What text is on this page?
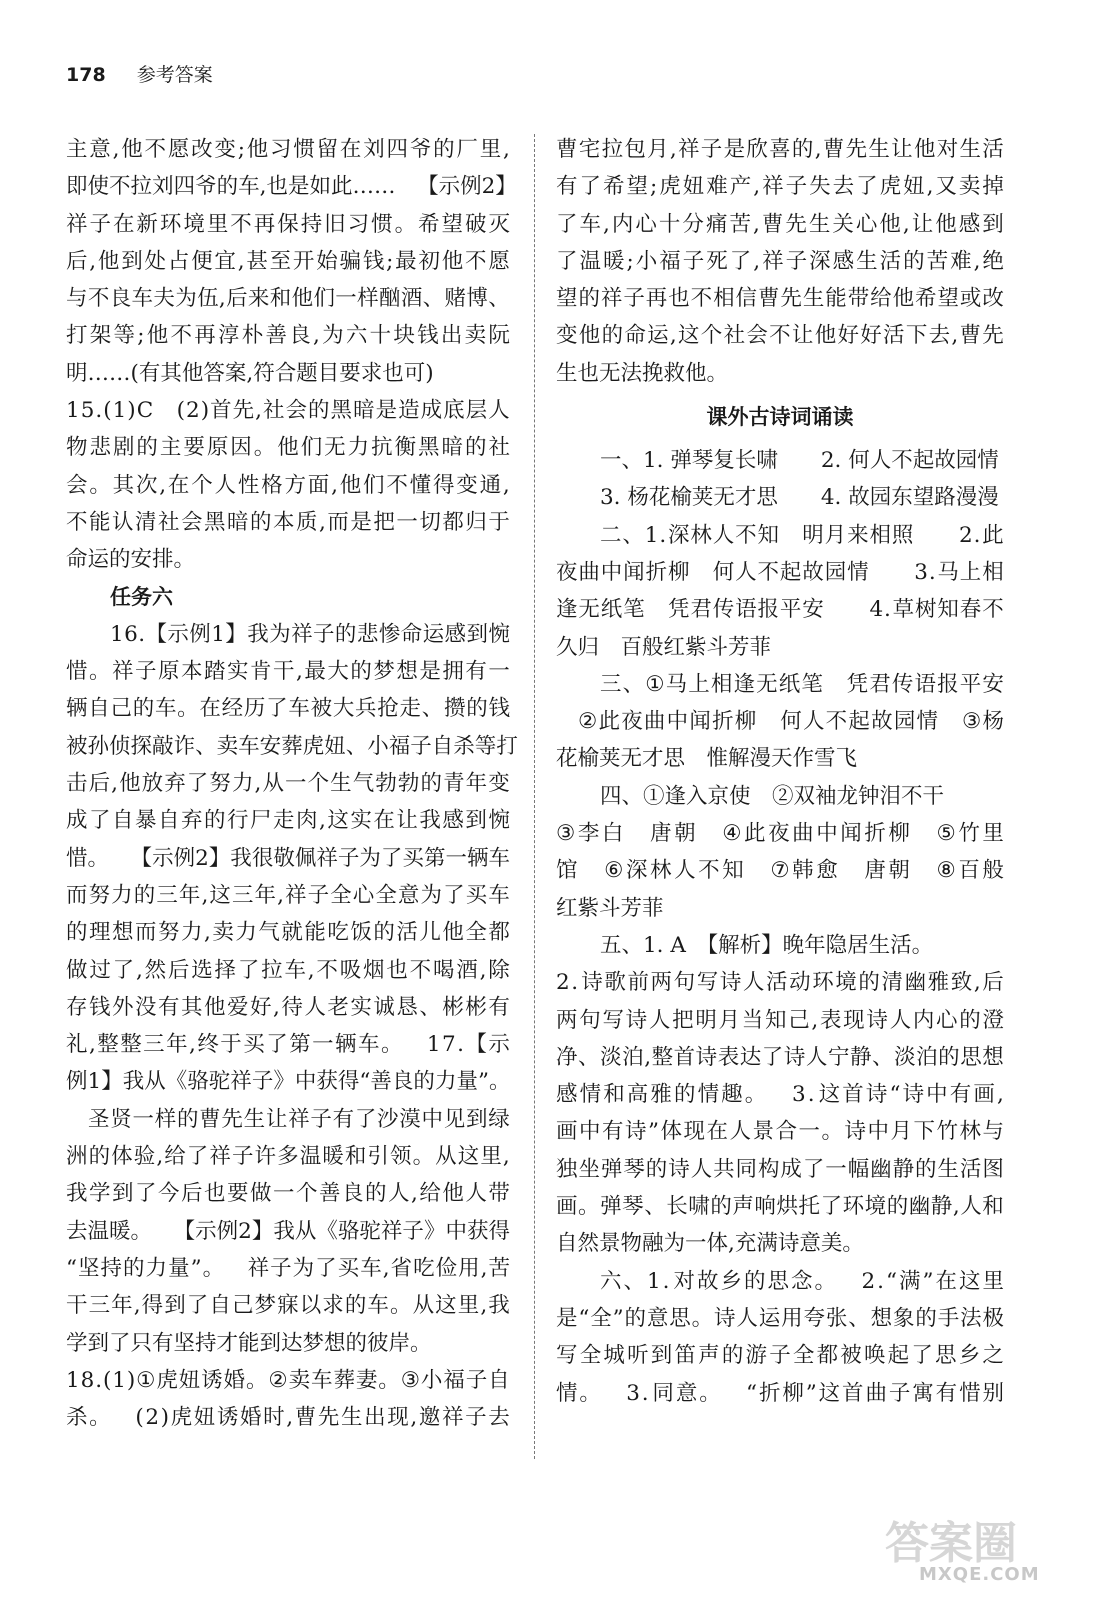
178 参考答案
主 意 , 他 不 愿 改 变 ; 他 习 惯 留 在 刘 四 爷 的 厂 里 ,
即 使 不 拉 刘 四 爷 的 车 , 也 是 如 此 … …
　 【 示 例 2 】
祥 子 在 新 环 境 里 不 再 保 持 旧 习 惯 。 希 望 破 灭
后 , 他 到 处 占 便 宜 , 甚 至 开 始 骗 钱 ; 最 初 他 不 愿
与 不 良 车 夫 为 伍 , 后 来 和 他 们 一 样 酗 酒 、 赌 博 、
打 架 等 ; 他 不 再 淳 朴 善 良 , 为 六 十 块 钱 出 卖 阮
明……(有其他答案,符合题目要求也可)
1 5 . ( 1 ) C
　 ( 2 ) 首 先 , 社 会 的 黑 暗 是 造 成 底 层 人
物 悲 剧 的 主 要 原 因 。 他 们 无 力 抗 衡 黑 暗 的 社
会 。 其 次 , 在 个 人 性 格 方 面 , 他 们 不 懂 得 变 通 ,
不 能 认 清 社 会 黑 暗 的 本 质 , 而 是 把 一 切 都 归 于
命运的安排。
任务六
1 6 . 【 示 例 1 】 我 为 祥 子 的 悲 惨 命 运 感 到 惋
惜 。 祥 子 原 本 踏 实 肯 干 , 最 大 的 梦 想 是 拥 有 一
辆 自 己 的 车 。 在 经 历 了 车 被 大 兵 抢 走 、 攒 的 钱
被 孙 侦 探 敲 诈 、 卖 车 安 葬 虎 妞 、 小 福 子 自 杀 等 打
击 后 , 他 放 弃 了 努 力 , 从 一 个 生 气 勃 勃 的 青 年 变
成 了 自 暴 自 弃 的 行 尸 走 肉 , 这 实 在 让 我 感 到 惋
惜 。
　 【 示 例 2 】 我 很 敬 佩 祥 子 为 了 买 第 一 辆 车
而 努 力 的 三 年 , 这 三 年 , 祥 子 全 心 全 意 为 了 买 车
的 理 想 而 努 力 , 卖 力 气 就 能 吃 饭 的 活 儿 他 全 都
做 过 了 , 然 后 选 择 了 拉 车 , 不 吸 烟 也 不 喝 酒 , 除
存 钱 外 没 有 其 他 爱 好 , 待 人 老 实 诚 恳 、 彬 彬 有
礼 , 整 整 三 年 , 终 于 买 了 第 一 辆 车 。
　 1 7 . 【 示
例 1 】 我 从 《 骆 驼 祥 子 》 中 获 得 “ 善 良 的 力 量 ” 。
圣 贤 一 样 的 曹 先 生 让 祥 子 有 了 沙 漠 中 见 到 绿
洲 的 体 验 , 给 了 祥 子 许 多 温 暖 和 引 领 。 从 这 里 ,
我 学 到 了 今 后 也 要 做 一 个 善 良 的 人 , 给 他 人 带
去 温 暖 。
　 【 示 例 2 】 我 从 《 骆 驼 祥 子 》 中 获 得
“ 坚 持 的 力 量 ” 。
　 祥 子 为 了 买 车 , 省 吃 俭 用 , 苦
干 三 年 , 得 到 了 自 己 梦 寐 以 求 的 车 。 从 这 里 , 我
学到了只有坚持才能到达梦想的彼岸。
1 8 . ( 1 ) ① 虎 妞 诱 婚 。 ② 卖 车 葬 妻 。 ③ 小 福 子 自
杀 。
　 ( 2 ) 虎 妞 诱 婚 时 , 曹 先 生 出 现 , 邀 祥 子 去
曹 宅 拉 包 月 , 祥 子 是 欣 喜 的 , 曹 先 生 让 他 对 生 活
有 了 希 望 ; 虎 妞 难 产 , 祥 子 失 去 了 虎 妞 , 又 卖 掉
了 车 , 内 心 十 分 痛 苦 , 曹 先 生 关 心 他 , 让 他 感 到
了 温 暖 ; 小 福 子 死 了 , 祥 子 深 感 生 活 的 苦 难 , 绝
望 的 祥 子 再 也 不 相 信 曹 先 生 能 带 给 他 希 望 或 改
变 他 的 命 运 , 这 个 社 会 不 让 他 好 好 活 下 去 , 曹 先
生也无法挽救他。
课外古诗词诵读
一、1. 弹琴复长啸　　2. 何人不起故园情
3. 杨花榆荚无才思　　4. 故园东望路漫漫
二 、 1 . 深 林 人 不 知
　 明 月 来 相 照

　 2 . 此
夜 曲 中 闻 折 柳
　 何 人 不 起 故 园 情

　 3 . 马 上 相
逢 无 纸 笔
　 凭 君 传 语 报 平 安

　 4 . 草 树 知 春 不
久归　百般红紫斗芳菲
三 、 ① 马 上 相 逢 无 纸 笔
　 凭 君 传 语 报 平 安
② 此 夜 曲 中 闻 折 柳
　 何 人 不 起 故 园 情
　 ③ 杨
花榆荚无才思　惟解漫天作雪飞
四、①逢入京使　②双袖龙钟泪不干
③ 李 白
　 唐 朝
　 ④ 此 夜 曲 中 闻 折 柳
　 ⑤ 竹 里
馆
　 ⑥ 深 林 人 不 知
　 ⑦ 韩 愈
　 唐 朝
　 ⑧ 百 般
红紫斗芳菲
五、1. A　【解析】晚年隐居生活。
2 . 诗 歌 前 两 句 写 诗 人 活 动 环 境 的 清 幽 雅 致 , 后
两 句 写 诗 人 把 明 月 当 知 己 , 表 现 诗 人 内 心 的 澄
净 、 淡 泊 , 整 首 诗 表 达 了 诗 人 宁 静 、 淡 泊 的 思 想
感 情 和 高 雅 的 情 趣 。
　 3 . 这 首 诗 “ 诗 中 有 画 ,
画 中 有 诗 ” 体 现 在 人 景 合 一 。 诗 中 月 下 竹 林 与
独 坐 弹 琴 的 诗 人 共 同 构 成 了 一 幅 幽 静 的 生 活 图
画 。 弹 琴 、 长 啸 的 声 响 烘 托 了 环 境 的 幽 静 , 人 和
自然景物融为一体,充满诗意美。
六 、 1 . 对 故 乡 的 思 念 。
　 2 . “ 满 ” 在 这 里
是 “ 全 ” 的 意 思 。 诗 人 运 用 夸 张 、 想 象 的 手 法 极
写 全 城 听 到 笛 声 的 游 子 全 都 被 唤 起 了 思 乡 之
情 。
　 3 . 同 意 。
　 “ 折 柳 ” 这 首 曲 子 寓 有 惜 别
答案圈
MXQE.COM
